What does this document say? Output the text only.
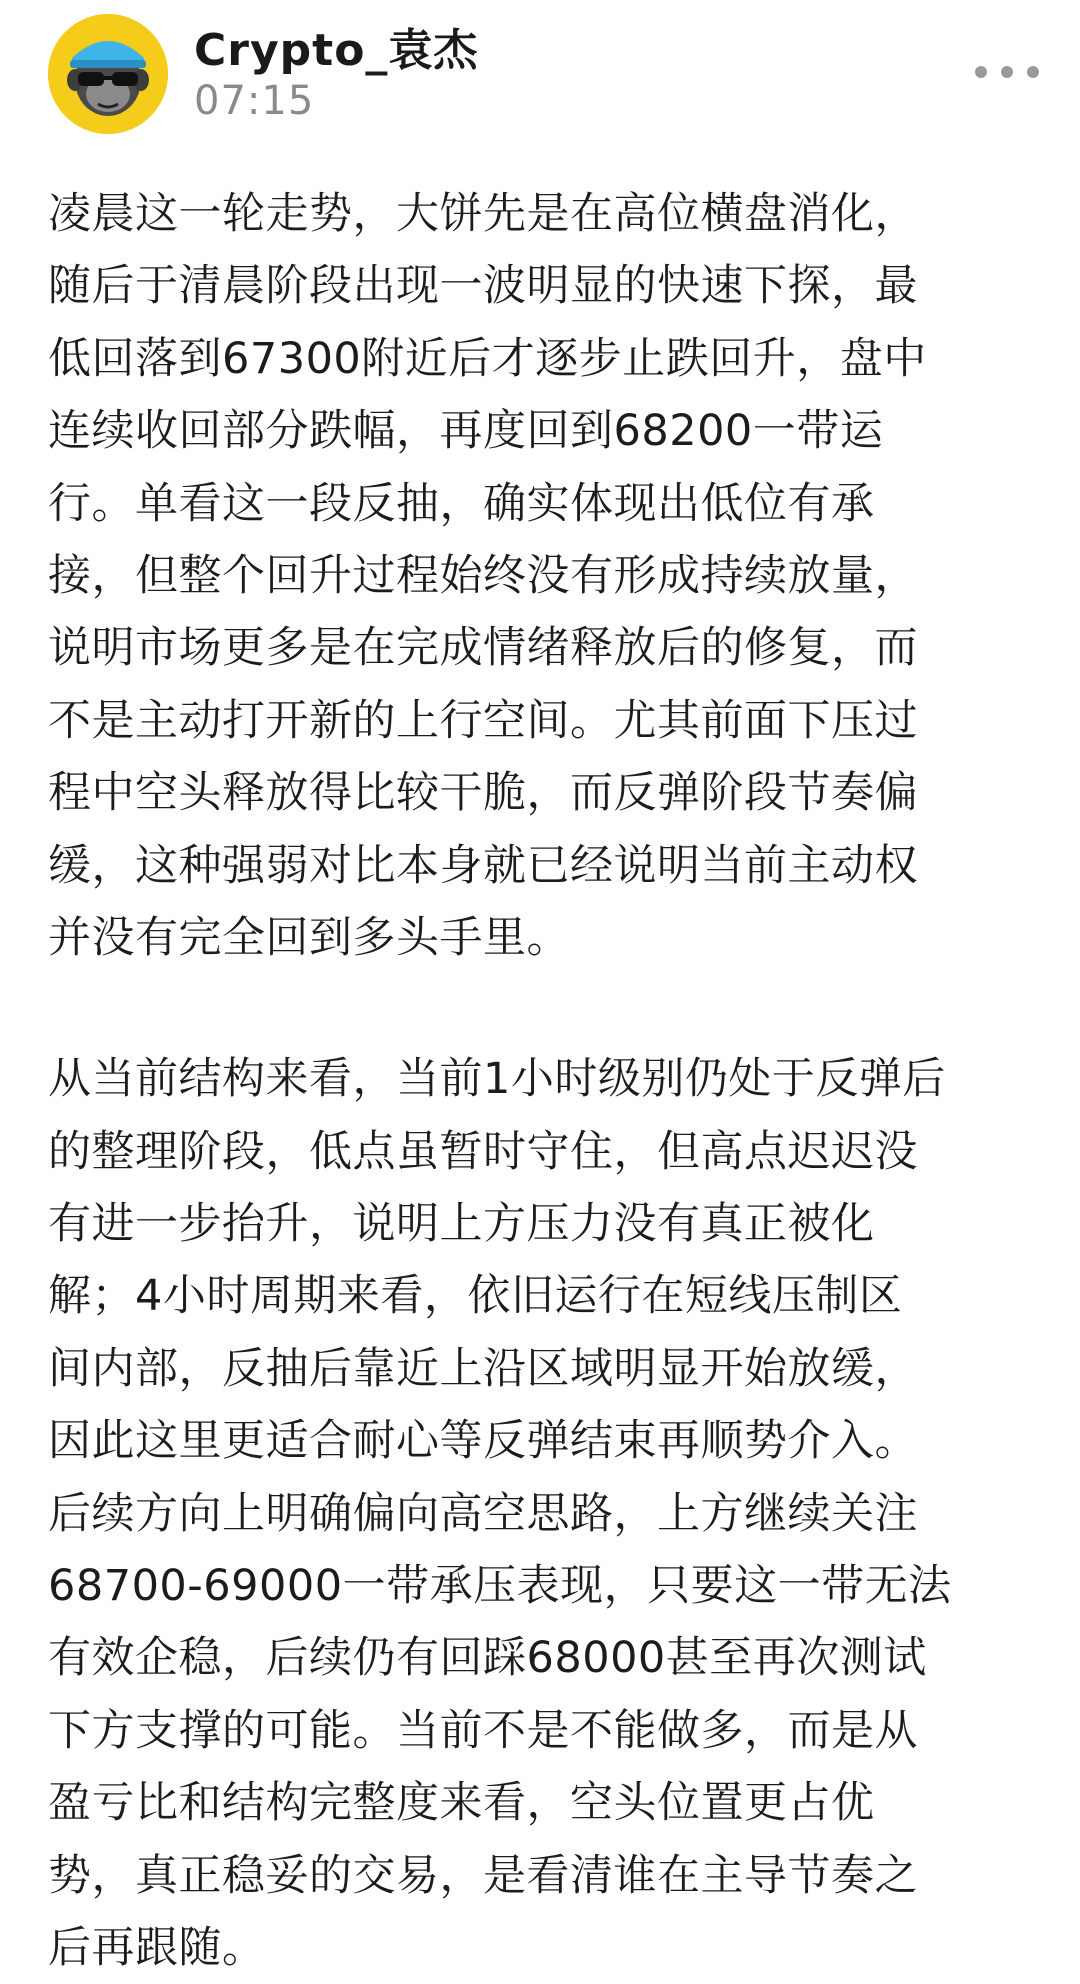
Crypto_袁杰
07:15

凌晨这一轮走势，大饼先是在高位横盘消化，
随后于清晨阶段出现一波明显的快速下探，最
低回落到67300附近后才逐步止跌回升，盘中
连续收回部分跌幅，再度回到68200一带运
行。单看这一段反抽，确实体现出低位有承
接，但整个回升过程始终没有形成持续放量，
说明市场更多是在完成情绪释放后的修复，而
不是主动打开新的上行空间。尤其前面下压过
程中空头释放得比较干脆，而反弹阶段节奏偏
缓，这种强弱对比本身就已经说明当前主动权
并没有完全回到多头手里。

从当前结构来看，当前1小时级别仍处于反弹后
的整理阶段，低点虽暂时守住，但高点迟迟没
有进一步抬升，说明上方压力没有真正被化
解；4小时周期来看，依旧运行在短线压制区
间内部，反抽后靠近上沿区域明显开始放缓，
因此这里更适合耐心等反弹结束再顺势介入。
后续方向上明确偏向高空思路，上方继续关注
68700-69000一带承压表现，只要这一带无法
有效企稳，后续仍有回踩68000甚至再次测试
下方支撑的可能。当前不是不能做多，而是从
盈亏比和结构完整度来看，空头位置更占优
势，真正稳妥的交易，是看清谁在主导节奏之
后再跟随。
